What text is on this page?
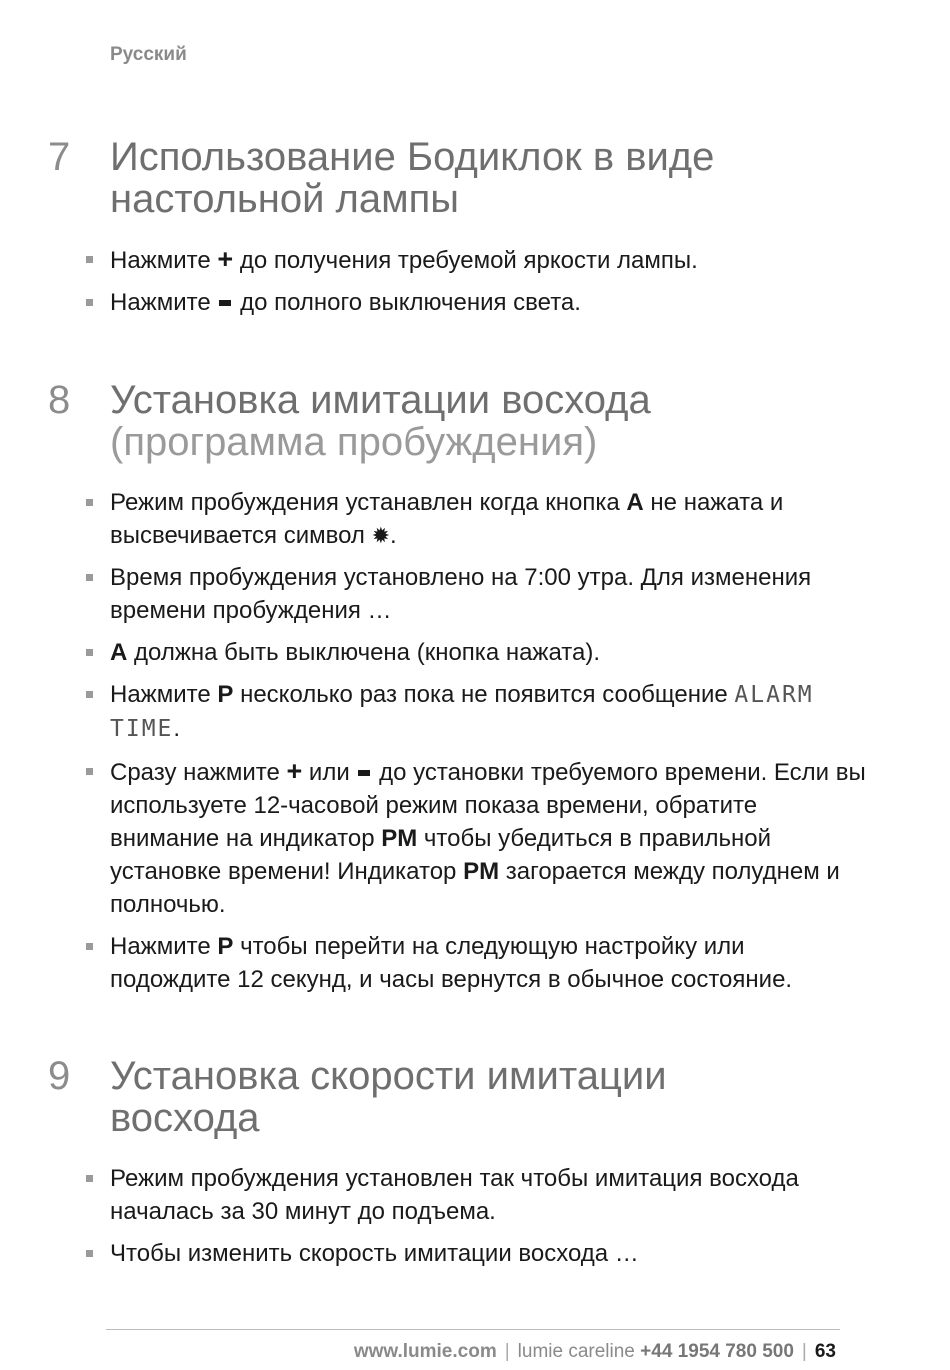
Русский
7 Использование Бодиклок в виде
настольной лампы
Нажмите + до получения требуемой яркости лампы.
Нажмите до полного выключения света.
8 Установка имитации восхода
(программа пробуждения)
Режим пробуждения устанавлен когда кнопка A не нажата и высвечивается символ ✹.
Время пробуждения установлено на 7:00 утра. Для изменения времени пробуждения …
A должна быть выключена (кнопка нажата).
Нажмите P несколько раз пока не появится сообщение ALARM TIME.
Сразу нажмите + или до установки требуемого времени. Если вы используете 12-часовой режим показа времени, обратите внимание на индикатор PM чтобы убедиться в правильной установке времени! Индикатор PM загорается между полуднем и полночью.
Нажмите P чтобы перейти на следующую настройку или подождите 12 секунд, и часы вернутся в обычное состояние.
9 Установка скорости имитации
восхода
Режим пробуждения установлен так чтобы имитация восхода началась за 30 минут до подъема.
Чтобы изменить скорость имитации восхода …
www.lumie.com | lumie careline +44 1954 780 500 | 63
